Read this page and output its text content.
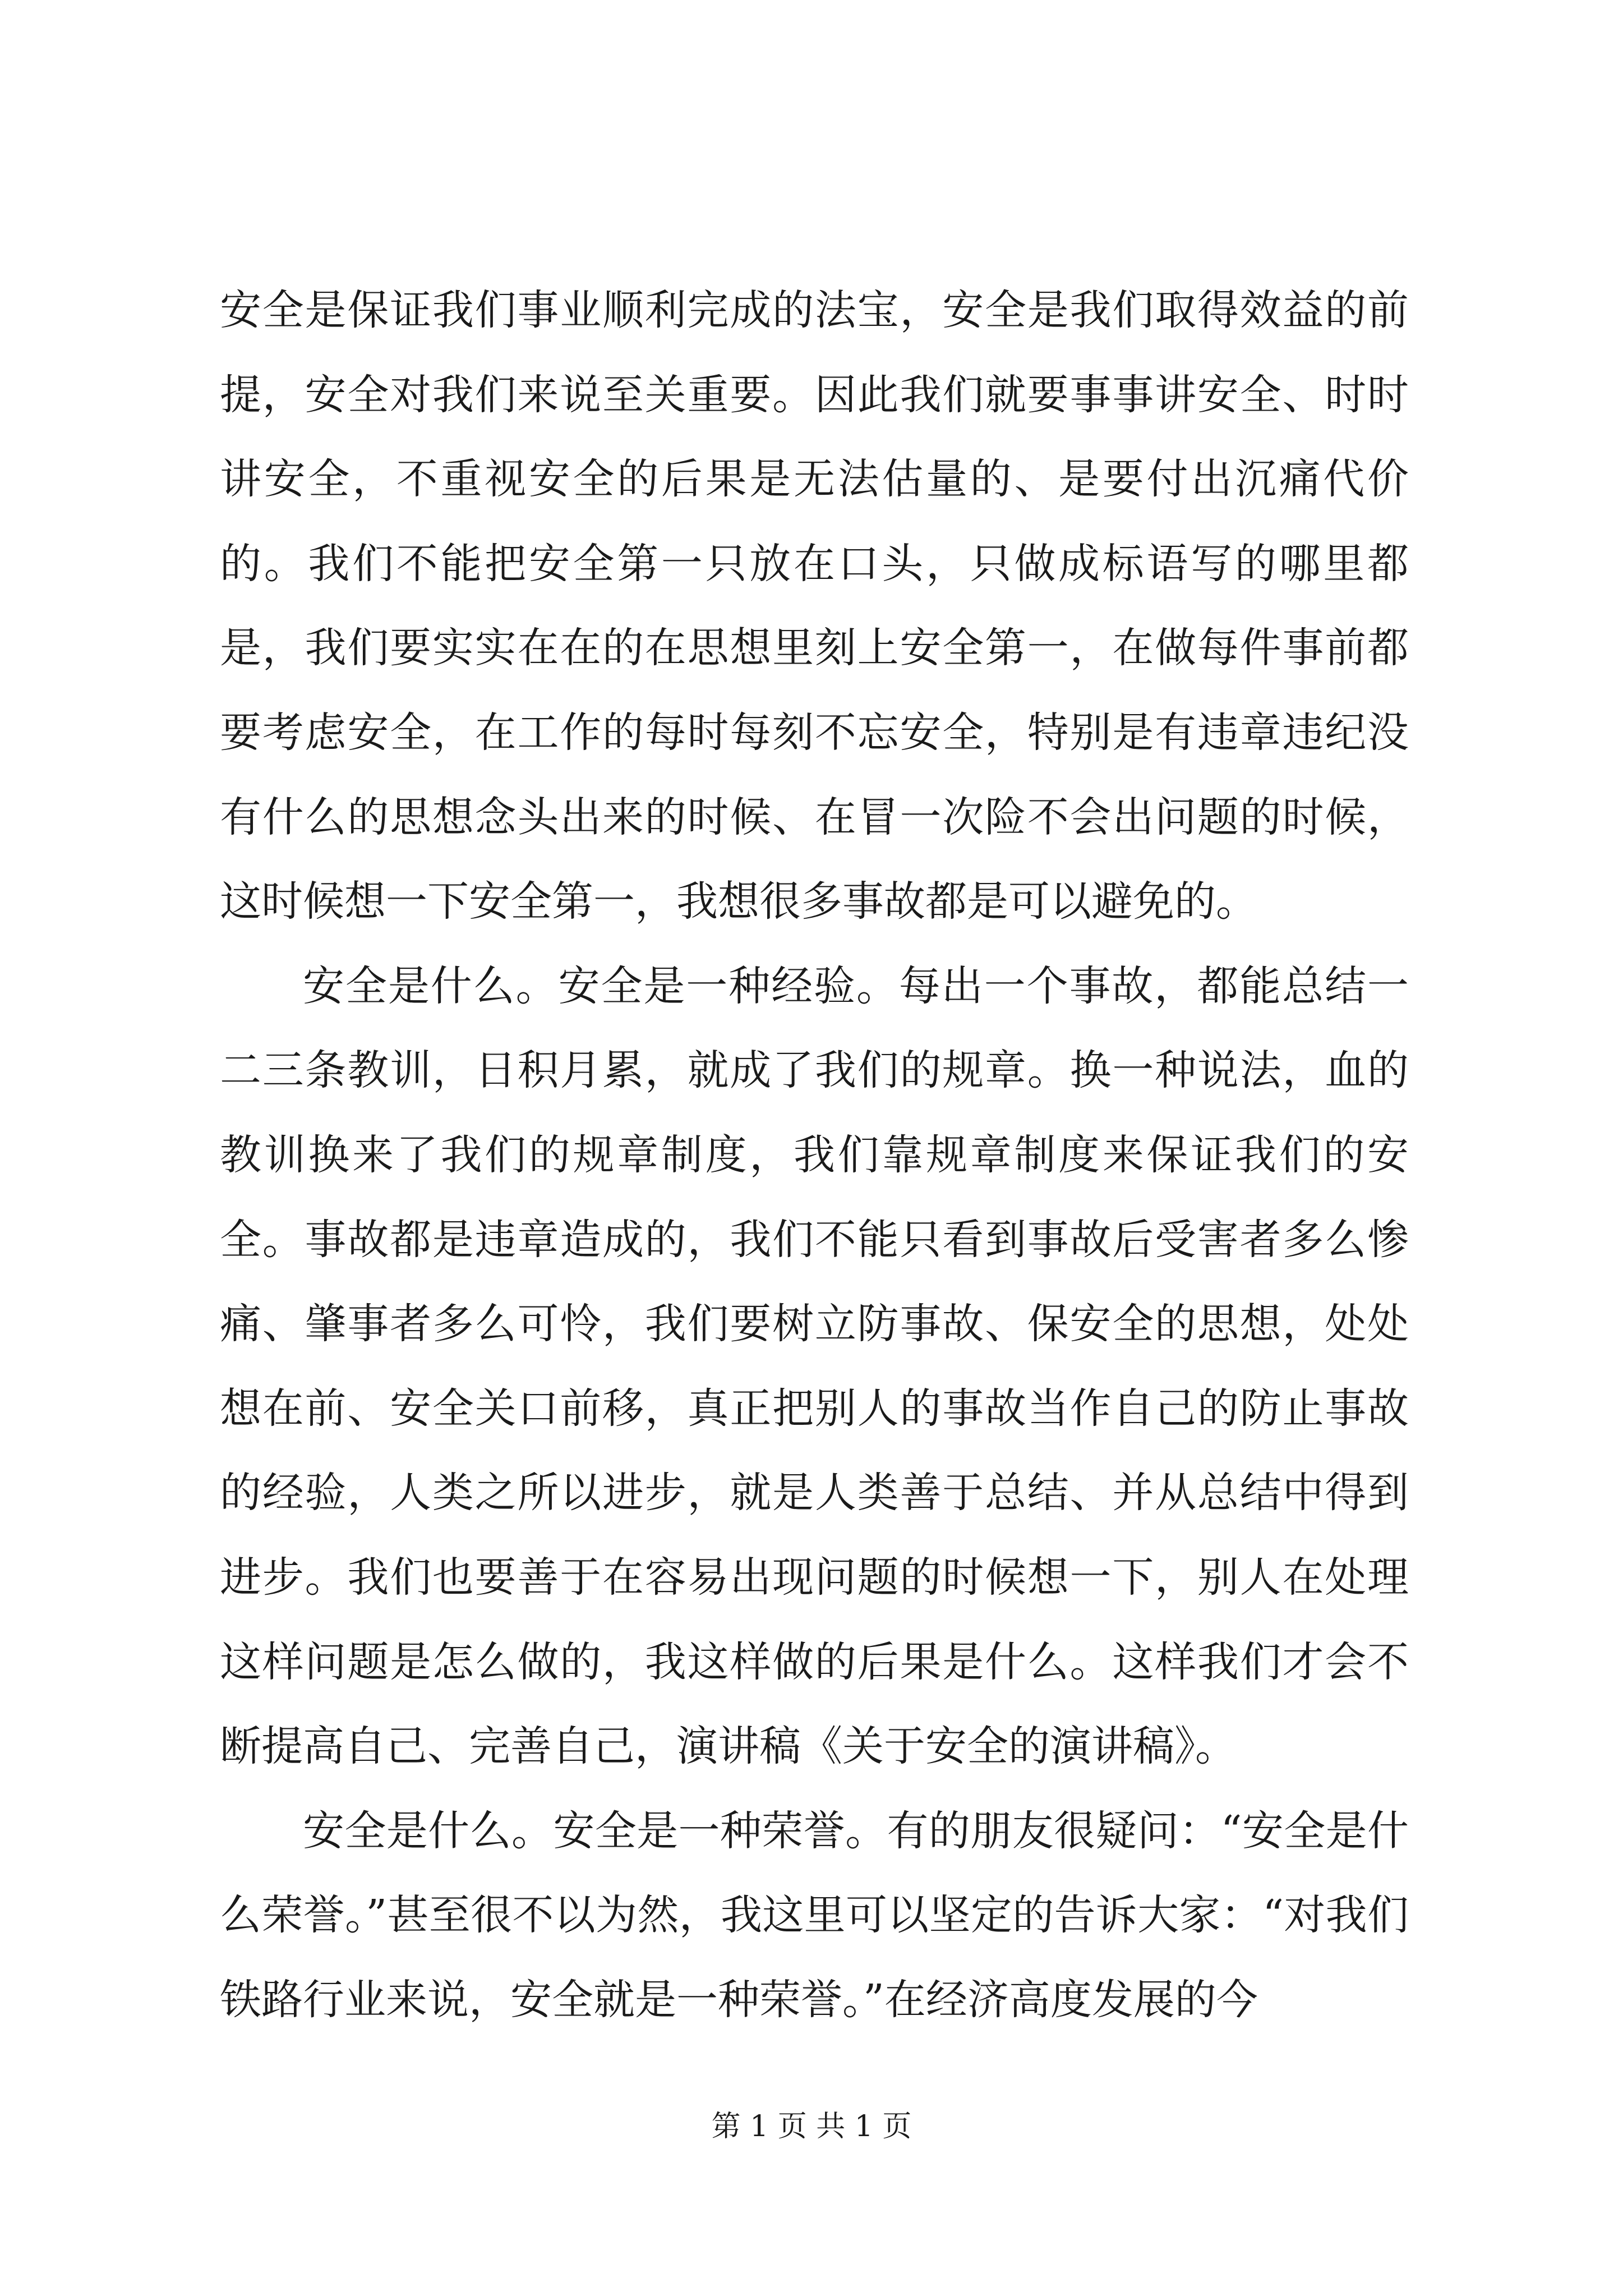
安全是保证我们事业顺利完成的法宝，安全是我们取得效益的前提，安全对我们来说至关重要。因此我们就要事事讲安全、时时讲安全，不重视安全的后果是无法估量的、是要付出沉痛代价的。我们不能把安全第一只放在口头，只做成标语写的哪里都是，我们要实实在在的在思想里刻上安全第一，在做每件事前都要考虑安全，在工作的每时每刻不忘安全，特别是有违章违纪没有什么的思想念头出来的时候、在冒一次险不会出问题的时候，这时候想一下安全第一，我想很多事故都是可以避免的。

安全是什么。安全是一种经验。每出一个事故，都能总结一二三条教训，日积月累，就成了我们的规章。换一种说法，血的教训换来了我们的规章制度，我们靠规章制度来保证我们的安全。事故都是违章造成的，我们不能只看到事故后受害者多么惨痛、肇事者多么可怜，我们要树立防事故、保安全的思想，处处想在前、安全关口前移，真正把别人的事故当作自己的防止事故的经验，人类之所以进步，就是人类善于总结、并从总结中得到进步。我们也要善于在容易出现问题的时候想一下，别人在处理这样问题是怎么做的，我这样做的后果是什么。这样我们才会不断提高自己、完善自己，演讲稿《关于安全的演讲稿》。

安全是什么。安全是一种荣誉。有的朋友很疑问：“安全是什么荣誉。”甚至很不以为然，我这里可以坚定的告诉大家：“对我们铁路行业来说，安全就是一种荣誉。”在经济高度发展的今

第 1 页 共 1 页
